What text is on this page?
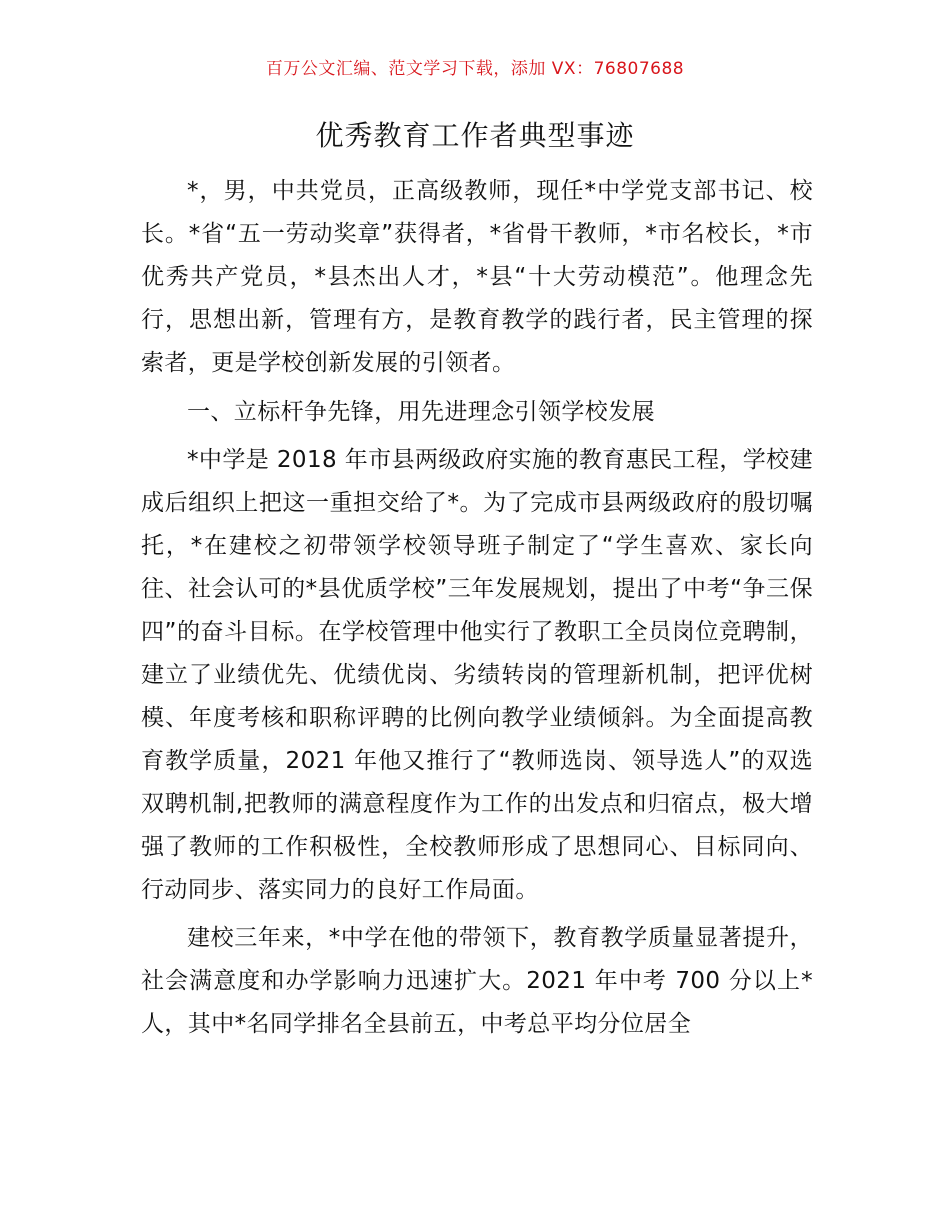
百万公文汇编、范文学习下载，添加 VX：76807688
优秀教育工作者典型事迹

*，男，中共党员，正高级教师，现任*中学党支部书记、校长。*省“五一劳动奖章”获得者，*省骨干教师，*市名校长，*市优秀共产党员，*县杰出人才，*县“十大劳动模范”。他理念先行，思想出新，管理有方，是教育教学的践行者，民主管理的探索者，更是学校创新发展的引领者。

一、立标杆争先锋，用先进理念引领学校发展

*中学是 2018 年市县两级政府实施的教育惠民工程，学校建成后组织上把这一重担交给了*。为了完成市县两级政府的殷切嘱托，*在建校之初带领学校领导班子制定了“学生喜欢、家长向往、社会认可的*县优质学校”三年发展规划，提出了中考“争三保四”的奋斗目标。在学校管理中他实行了教职工全员岗位竞聘制，建立了业绩优先、优绩优岗、劣绩转岗的管理新机制，把评优树模、年度考核和职称评聘的比例向教学业绩倾斜。为全面提高教育教学质量，2021 年他又推行了“教师选岗、领导选人”的双选双聘机制,把教师的满意程度作为工作的出发点和归宿点，极大增强了教师的工作积极性，全校教师形成了思想同心、目标同向、行动同步、落实同力的良好工作局面。

建校三年来，*中学在他的带领下，教育教学质量显著提升，社会满意度和办学影响力迅速扩大。2021 年中考 700 分以上*人，其中*名同学排名全县前五，中考总平均分位居全
